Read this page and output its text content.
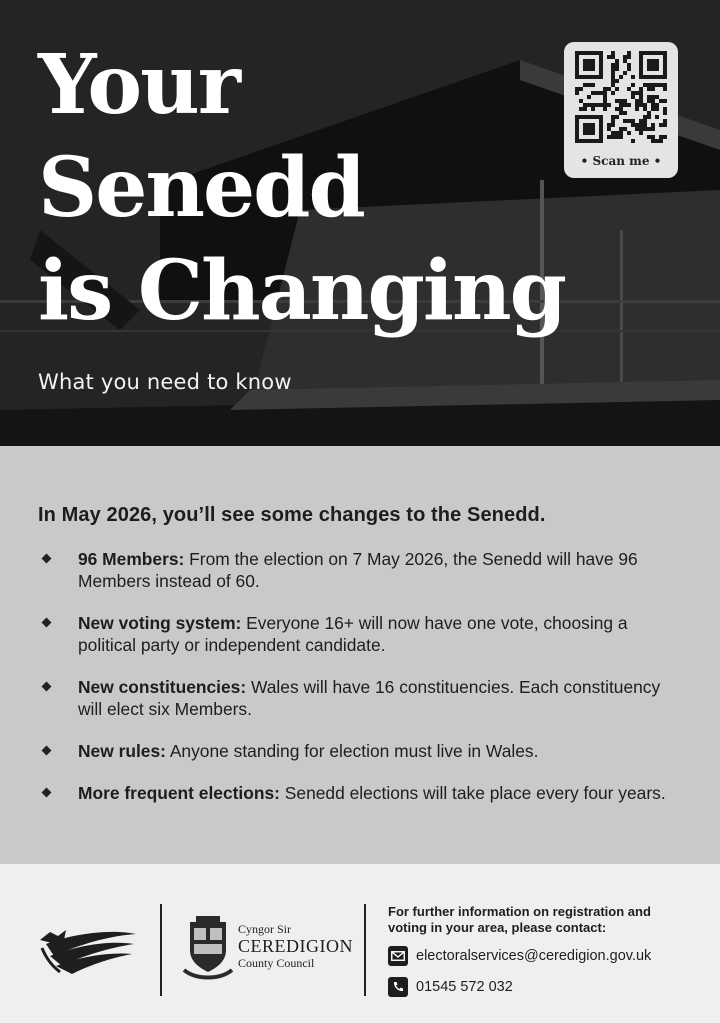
Your
Senedd
is Changing
What you need to know
• Scan me •
In May 2026, you’ll see some changes to the Senedd.
96 Members: From the election on 7 May 2026, the Senedd will have 96 Members instead of 60.
New voting system: Everyone 16+ will now have one vote, choosing a political party or independent candidate.
New constituencies: Wales will have 16 constituencies. Each constituency will elect six Members.
New rules: Anyone standing for election must live in Wales.
More frequent elections: Senedd elections will take place every four years.
Cyngor Sir
CEREDIGION
County Council
For further information on registration and voting in your area, please contact:
electoralservices@ceredigion.gov.uk
01545 572 032
